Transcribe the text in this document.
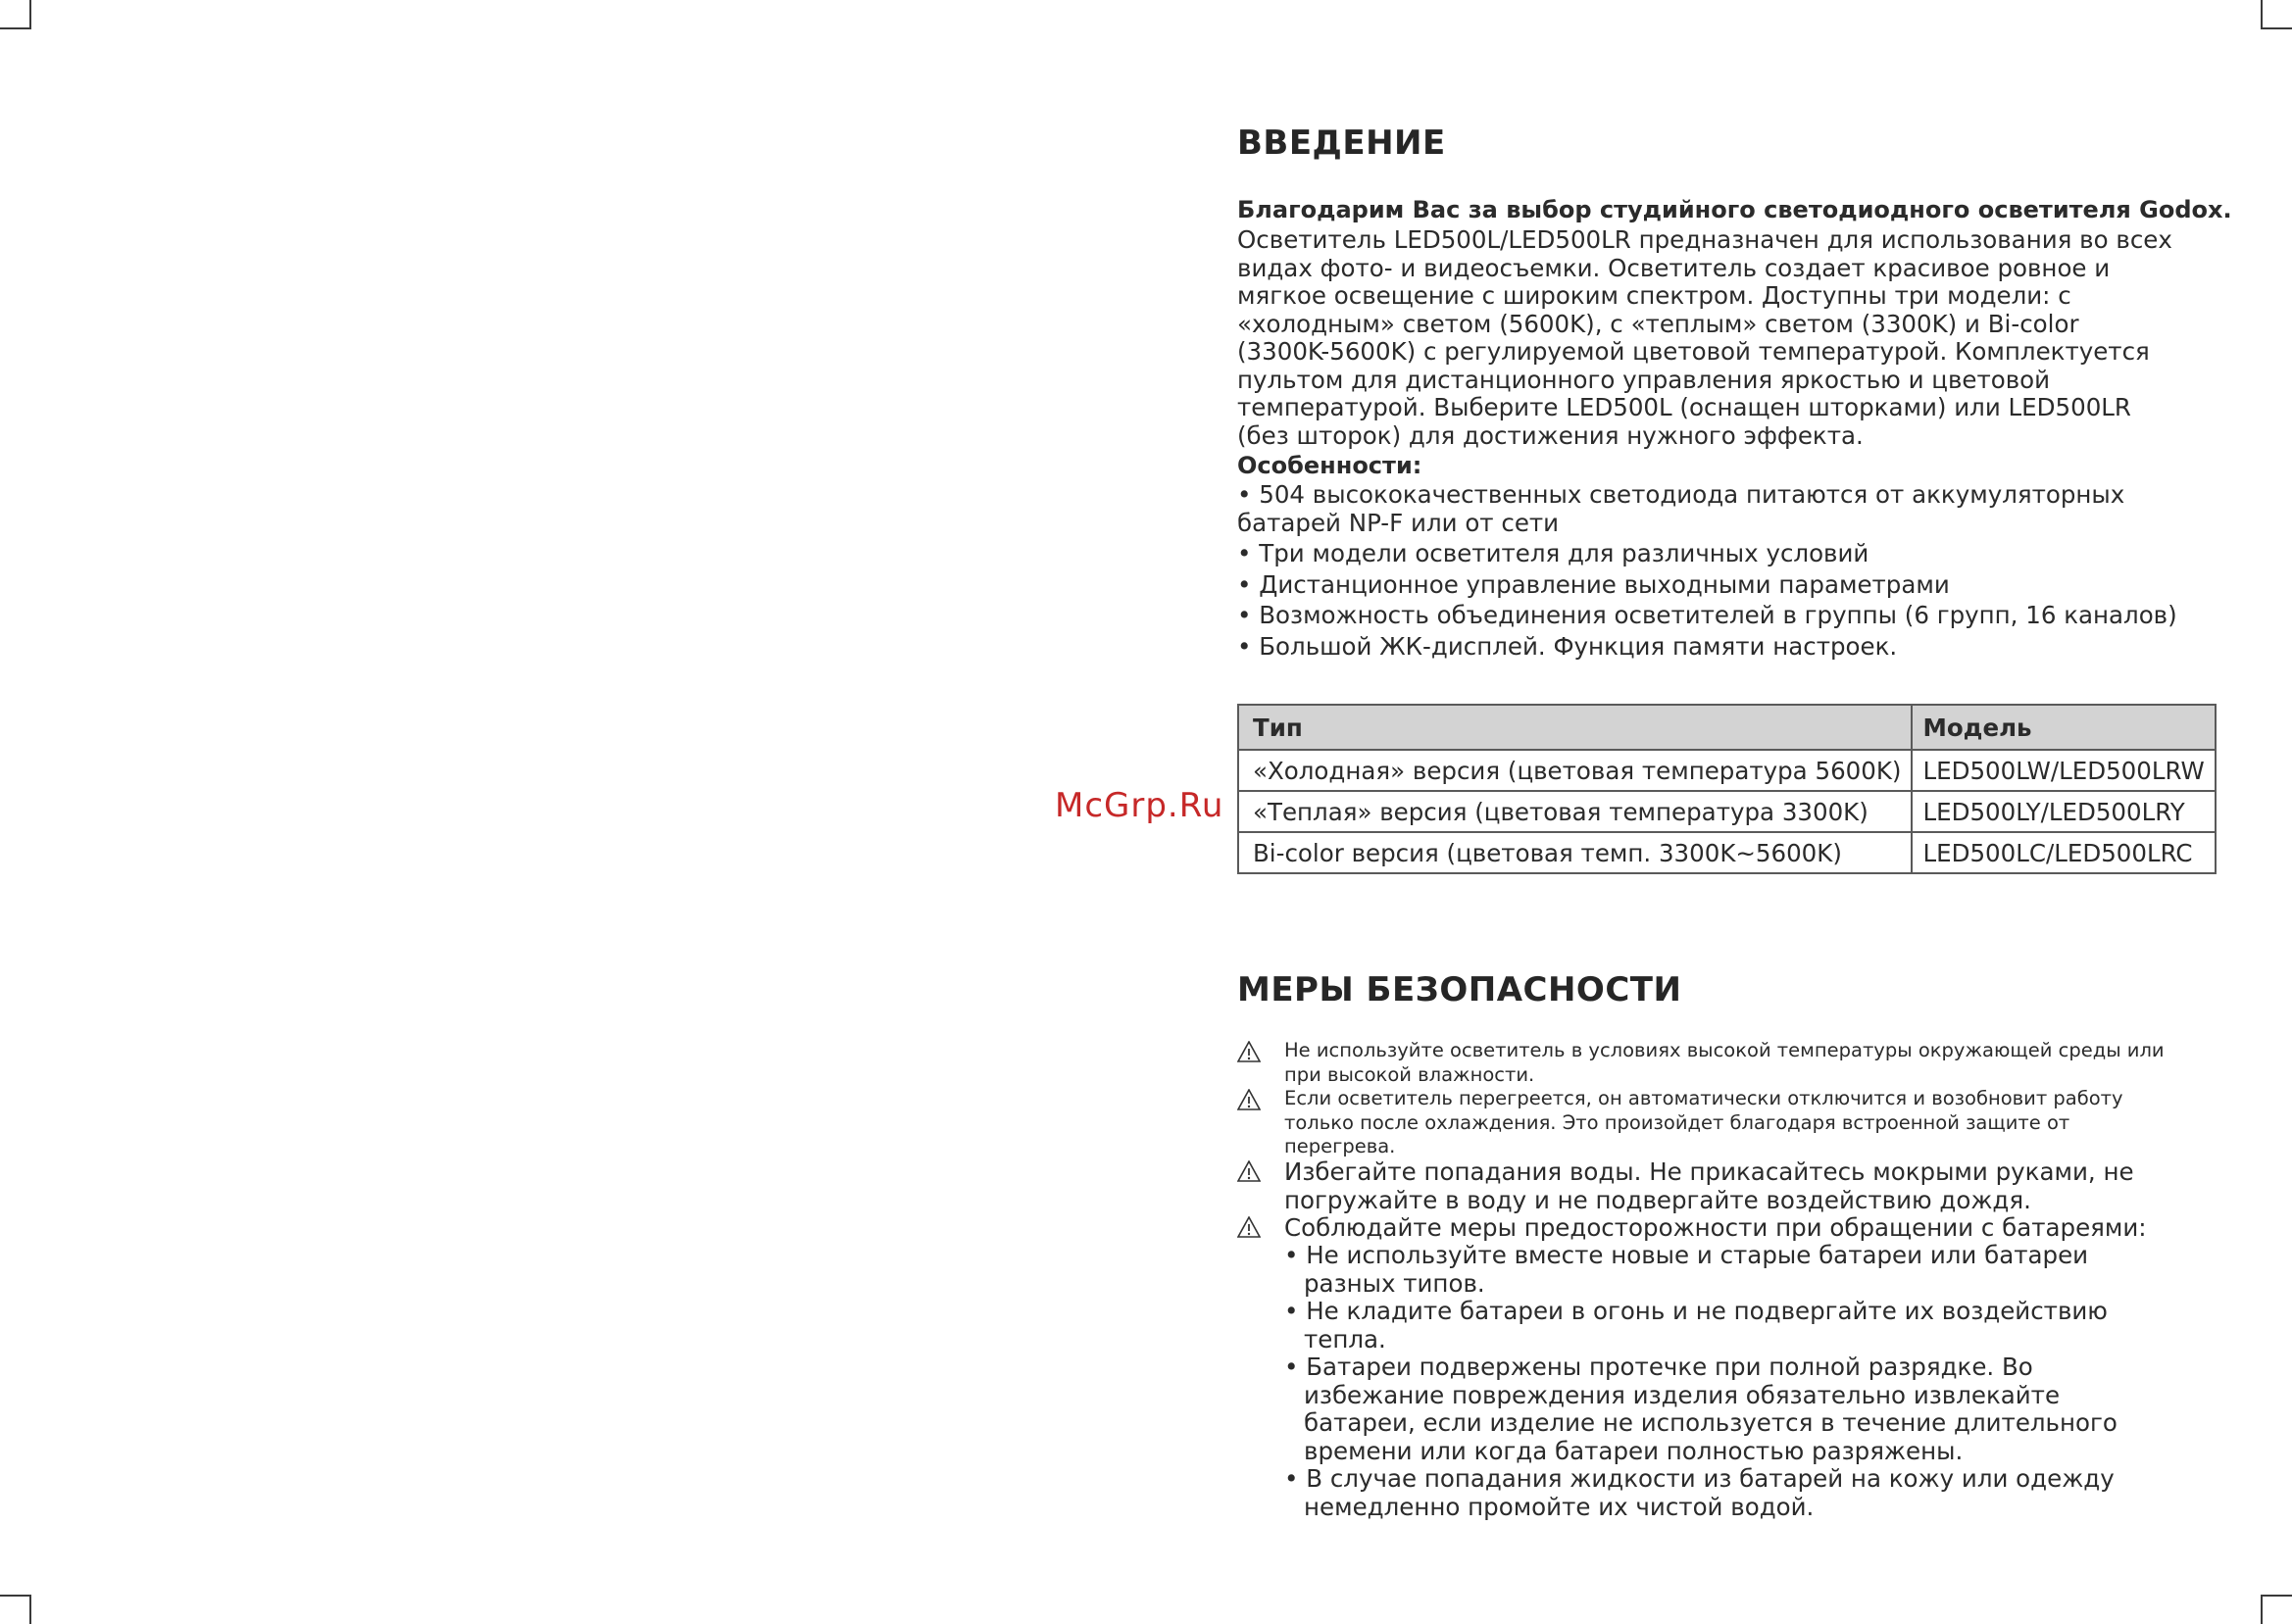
McGrp.Ru
ВВЕДЕНИЕ

Благодарим Вас за выбор студийного светодиодного осветителя Godox.

Осветитель LED500L/LED500LR предназначен для использования во всех видах фото- и видеосъемки. Осветитель создает красивое ровное и мягкое освещение с широким спектром. Доступны три модели: с «холодным» светом (5600K), с «теплым» светом (3300K) и Bi-color (3300K-5600K) с регулируемой цветовой температурой. Комплектуется пультом для дистанционного управления яркостью и цветовой температурой. Выберите LED500L (оснащен шторками) или LED500LR (без шторок) для достижения нужного эффекта.

Особенности:

• 504 высококачественных светодиода питаются от аккумуляторных батарей NP-F или от сети
• Три модели осветителя для различных условий
• Дистанционное управление выходными параметрами
• Возможность объединения осветителей в группы (6 групп, 16 каналов)
• Большой ЖК-дисплей. Функция памяти настроек.
Тип	Модель
«Холодная» версия (цветовая температура 5600K)	LED500LW/LED500LRW
«Теплая» версия (цветовая температура 3300K)	LED500LY/LED500LRY
Bi-color версия (цветовая темп. 3300K~5600K)	LED500LC/LED500LRC
МЕРЫ БЕЗОПАСНОСТИ

Не используйте осветитель в условиях высокой температуры окружающей среды или при высокой влажности.

Если осветитель перегреется, он автоматически отключится и возобновит работу только после охлаждения. Это произойдет благодаря встроенной защите от перегрева.

Избегайте попадания воды. Не прикасайтесь мокрыми руками, не погружайте в воду и не подвергайте воздействию дождя.

Соблюдайте меры предосторожности при обращении с батареями:

• Не используйте вместе новые и старые батареи или батареи разных типов.
• Не кладите батареи в огонь и не подвергайте их воздействию тепла.
• Батареи подвержены протечке при полной разрядке. Во избежание повреждения изделия обязательно извлекайте батареи, если изделие не используется в течение длительного времени или когда батареи полностью разряжены.
• В случае попадания жидкости из батарей на кожу или одежду немедленно промойте их чистой водой.
